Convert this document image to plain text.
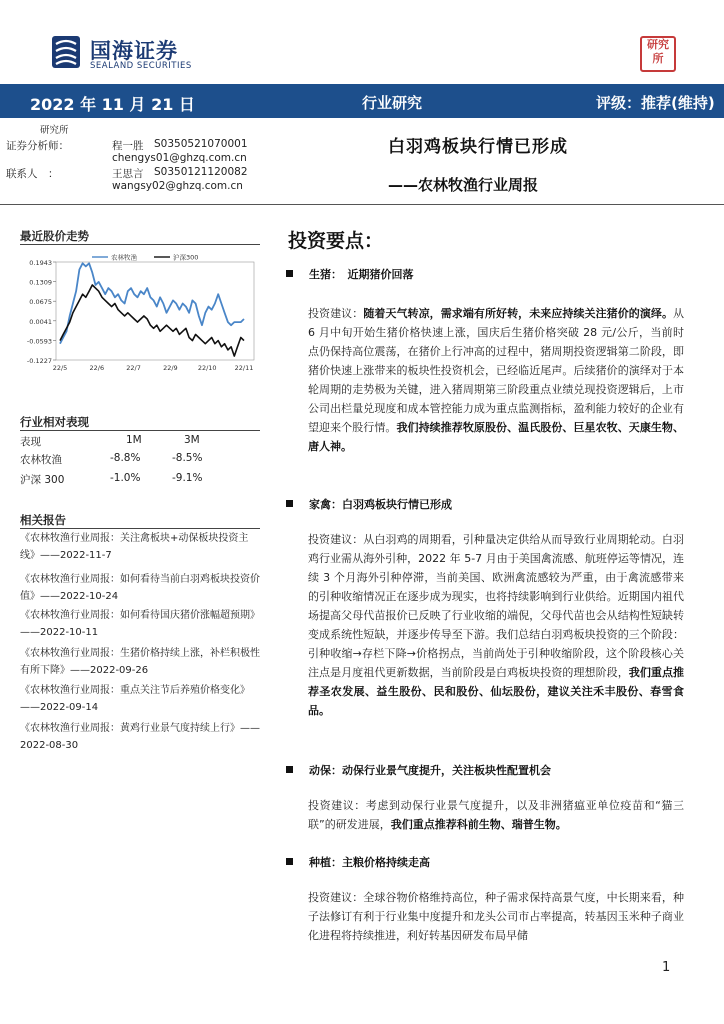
国海证券
SEALAND SECURITIES
研究所
2022 年 11 月 21 日	行业研究	评级：推荐(维持)
研究所
证券分析师：	程一胜 S0350521070001
chengys01@ghzq.com.cn
联系人　：	王思言 S0350121120082
wangsy02@ghzq.com.cn
白羽鸡板块行情已形成
——农林牧渔行业周报
最近股价走势
0.1943
0.1309
0.0675
0.0041
-0.0593
-0.1227
22/5	22/6	22/7	22/9	22/10	22/11
农林牧渔	沪深300
行业相对表现
表现	1M	3M
农林牧渔	-8.8%	-8.5%
沪深 300	-1.0%	-9.1%
相关报告
《农林牧渔行业周报：关注禽板块+动保板块投资主线》——2022-11-7
《农林牧渔行业周报：如何看待当前白羽鸡板块投资价值》——2022-10-24
《农林牧渔行业周报：如何看待国庆猪价涨幅超预期》——2022-10-11
《农林牧渔行业周报：生猪价格持续上涨，补栏积极性有所下降》——2022-09-26
《农林牧渔行业周报：重点关注节后养殖价格变化》——2022-09-14
《农林牧渔行业周报：黄鸡行业景气度持续上行》——2022-08-30
投资要点：
生猪：　近期猪价回落
投资建议：随着天气转凉，需求端有所好转，未来应持续关注猪价的演绎。从 6 月中旬开始生猪价格快速上涨，国庆后生猪价格突破 28 元/公斤，当前时点仍保持高位震荡，在猪价上行冲高的过程中，猪周期投资逻辑第二阶段，即猪价快速上涨带来的板块性投资机会，已经临近尾声。后续猪价的演绎对于本轮周期的走势极为关键，进入猪周期第三阶段重点业绩兑现投资逻辑后，上市公司出栏量兑现度和成本管控能力成为重点监测指标，盈利能力较好的企业有望迎来个股行情。我们持续推荐牧原股份、温氏股份、巨星农牧、天康生物、唐人神。
家禽：白羽鸡板块行情已形成
投资建议：从白羽鸡的周期看，引种量决定供给从而导致行业周期轮动。白羽鸡行业需从海外引种，2022 年 5-7 月由于美国禽流感、航班停运等情况，连续 3 个月海外引种停滞，当前美国、欧洲禽流感较为严重，由于禽流感带来的引种收缩情况正在逐步成为现实，也将持续影响到行业供给。近期国内祖代场提高父母代苗报价已反映了行业收缩的端倪，父母代苗也会从结构性短缺转变成系统性短缺，并逐步传导至下游。我们总结白羽鸡板块投资的三个阶段：引种收缩→存栏下降→价格拐点，当前尚处于引种收缩阶段，这个阶段核心关注点是月度祖代更新数据，当前阶段是白鸡板块投资的理想阶段，我们重点推荐圣农发展、益生股份、民和股份、仙坛股份，建议关注禾丰股份、春雪食品。
动保：动保行业景气度提升，关注板块性配置机会
投资建议：考虑到动保行业景气度提升，以及非洲猪瘟亚单位疫苗和“猫三联”的研发进展，我们重点推荐科前生物、瑞普生物。
种植：主粮价格持续走高
投资建议：全球谷物价格维持高位，种子需求保持高景气度，中长期来看，种子法修订有利于行业集中度提升和龙头公司市占率提高，转基因玉米种子商业化进程将持续推进，利好转基因研发布局早储
1
